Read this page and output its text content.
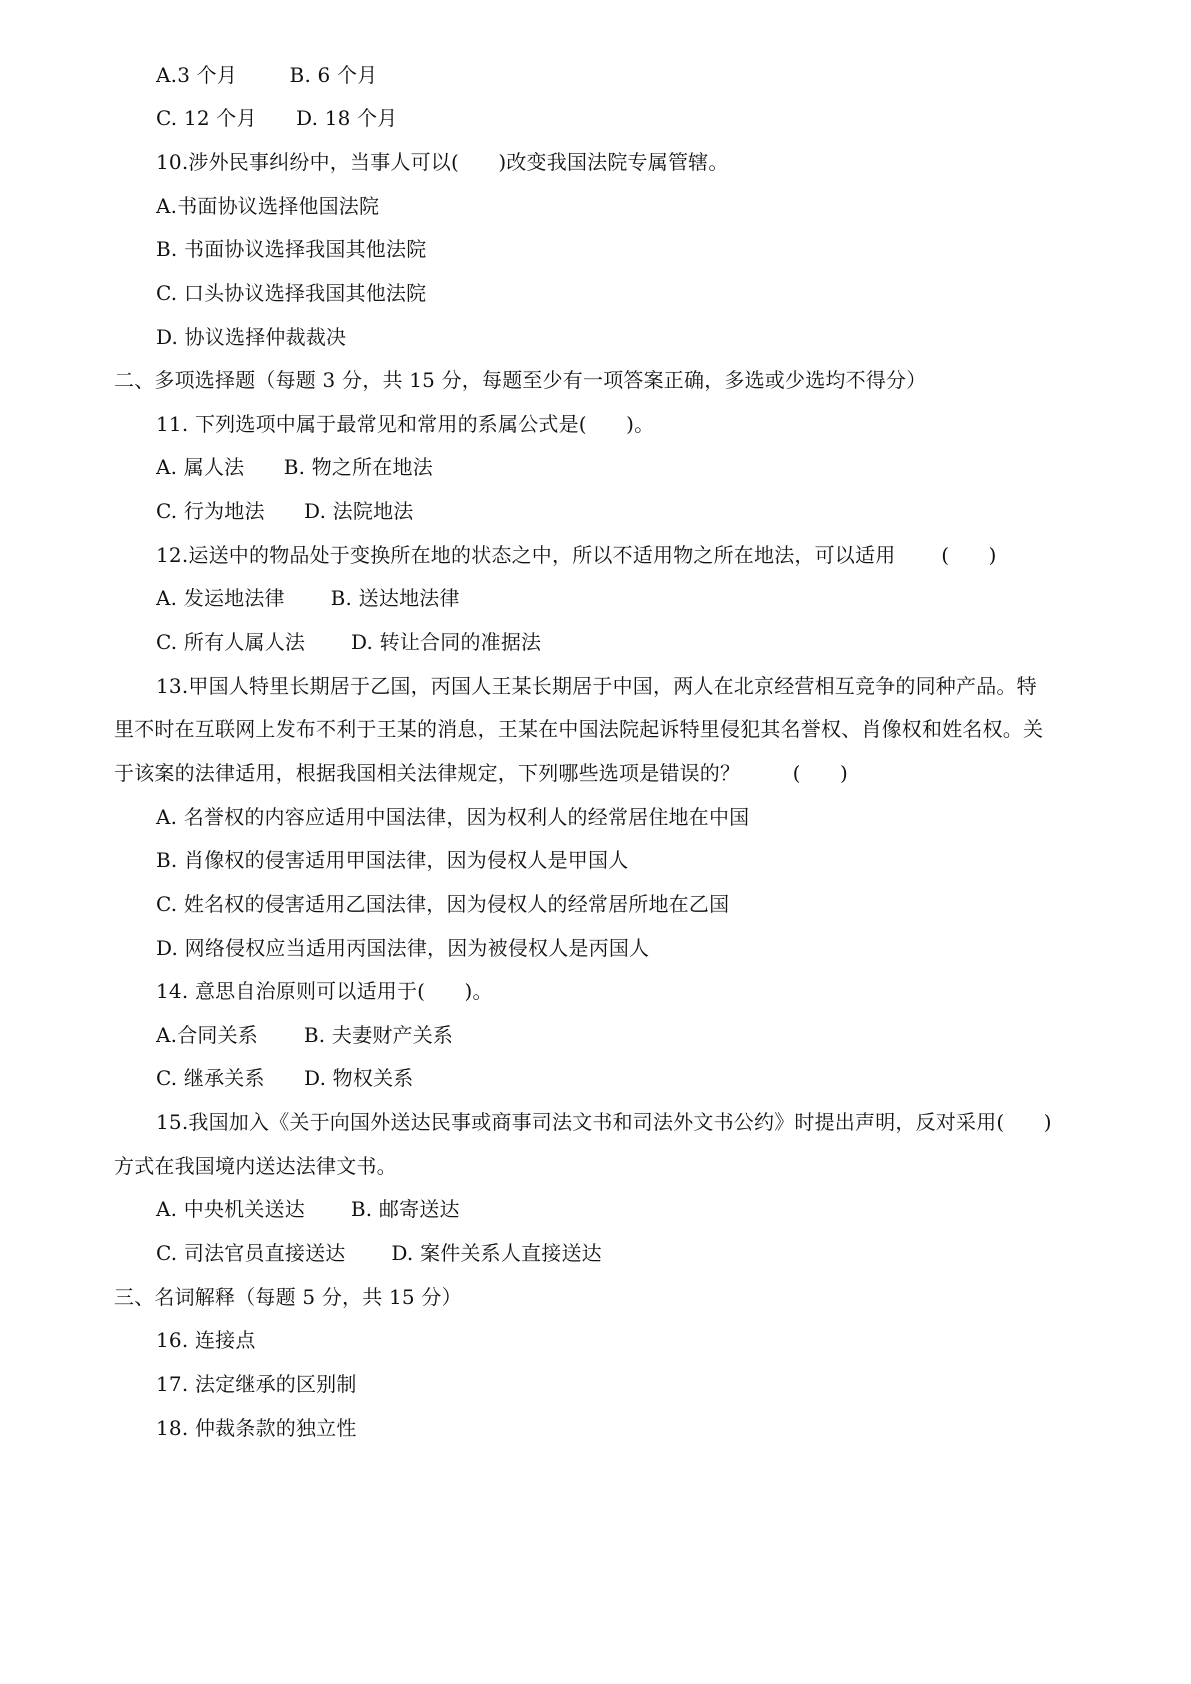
A.3 个月        B. 6 个月
C. 12 个月      D. 18 个月
10.涉外民事纠纷中，当事人可以(      )改变我国法院专属管辖。
A.书面协议选择他国法院
B. 书面协议选择我国其他法院
C. 口头协议选择我国其他法院
D. 协议选择仲裁裁决
二、多项选择题（每题 3 分，共 15 分，每题至少有一项答案正确，多选或少选均不得分）
11. 下列选项中属于最常见和常用的系属公式是(      )。
A. 属人法      B. 物之所在地法
C. 行为地法      D. 法院地法
12.运送中的物品处于变换所在地的状态之中，所以不适用物之所在地法，可以适用       (      )
A. 发运地法律       B. 送达地法律
C. 所有人属人法       D. 转让合同的准据法
13.甲国人特里长期居于乙国，丙国人王某长期居于中国，两人在北京经营相互竞争的同种产品。特
里不时在互联网上发布不利于王某的消息，王某在中国法院起诉特里侵犯其名誉权、肖像权和姓名权。关
于该案的法律适用，根据我国相关法律规定，下列哪些选项是错误的？        (      )
A. 名誉权的内容应适用中国法律，因为权利人的经常居住地在中国
B. 肖像权的侵害适用甲国法律，因为侵权人是甲国人
C. 姓名权的侵害适用乙国法律，因为侵权人的经常居所地在乙国
D. 网络侵权应当适用丙国法律，因为被侵权人是丙国人
14. 意思自治原则可以适用于(      )。
A.合同关系       B. 夫妻财产关系
C. 继承关系      D. 物权关系
15.我国加入《关于向国外送达民事或商事司法文书和司法外文书公约》时提出声明，反对采用(      )
方式在我国境内送达法律文书。
A. 中央机关送达       B. 邮寄送达
C. 司法官员直接送达       D. 案件关系人直接送达
三、名词解释（每题 5 分，共 15 分）
16. 连接点
17. 法定继承的区别制
18. 仲裁条款的独立性
